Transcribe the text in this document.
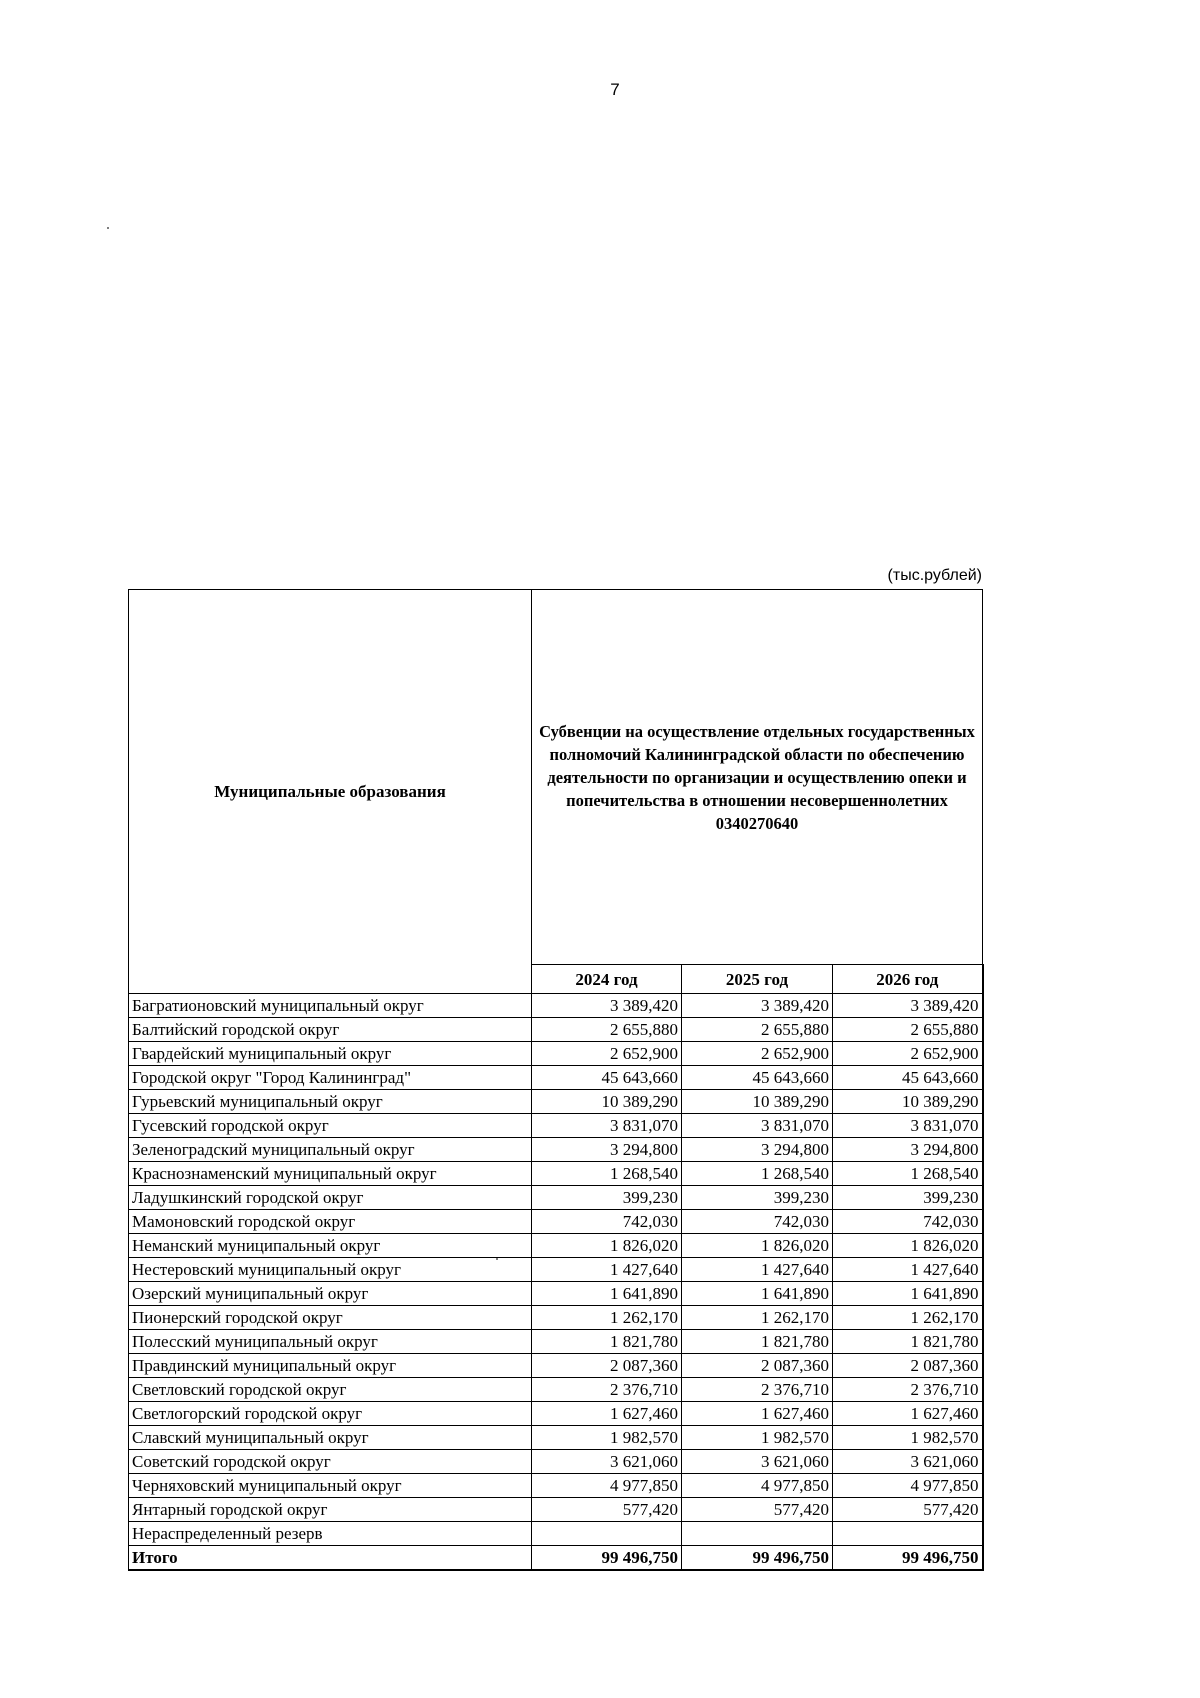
7
(тыс.рублей)
Муниципальные образования	Субвенции на осуществление отдельных государственных полномочий Калининградской области по обеспечению деятельности по организации и осуществлению опеки и попечительства в отношении несовершеннолетних 0340270640		
	2024 год	2025 год	2026 год
Багратионовский муниципальный округ	3 389,420	3 389,420	3 389,420
Балтийский городской округ	2 655,880	2 655,880	2 655,880
Гвардейский муниципальный округ	2 652,900	2 652,900	2 652,900
Городской округ "Город Калининград"	45 643,660	45 643,660	45 643,660
Гурьевский муниципальный округ	10 389,290	10 389,290	10 389,290
Гусевский городской округ	3 831,070	3 831,070	3 831,070
Зеленоградский муниципальный округ	3 294,800	3 294,800	3 294,800
Краснознаменский муниципальный округ	1 268,540	1 268,540	1 268,540
Ладушкинский городской округ	399,230	399,230	399,230
Мамоновский городской округ	742,030	742,030	742,030
Неманский муниципальный округ	1 826,020	1 826,020	1 826,020
Нестеровский муниципальный округ	1 427,640	1 427,640	1 427,640
Озерский муниципальный округ	1 641,890	1 641,890	1 641,890
Пионерский городской округ	1 262,170	1 262,170	1 262,170
Полесский муниципальный округ	1 821,780	1 821,780	1 821,780
Правдинский муниципальный округ	2 087,360	2 087,360	2 087,360
Светловский городской округ	2 376,710	2 376,710	2 376,710
Светлогорский городской округ	1 627,460	1 627,460	1 627,460
Славский муниципальный округ	1 982,570	1 982,570	1 982,570
Советский городской округ	3 621,060	3 621,060	3 621,060
Черняховский муниципальный округ	4 977,850	4 977,850	4 977,850
Янтарный городской округ	577,420	577,420	577,420
Нераспределенный резерв			
Итого	99 496,750	99 496,750	99 496,750
